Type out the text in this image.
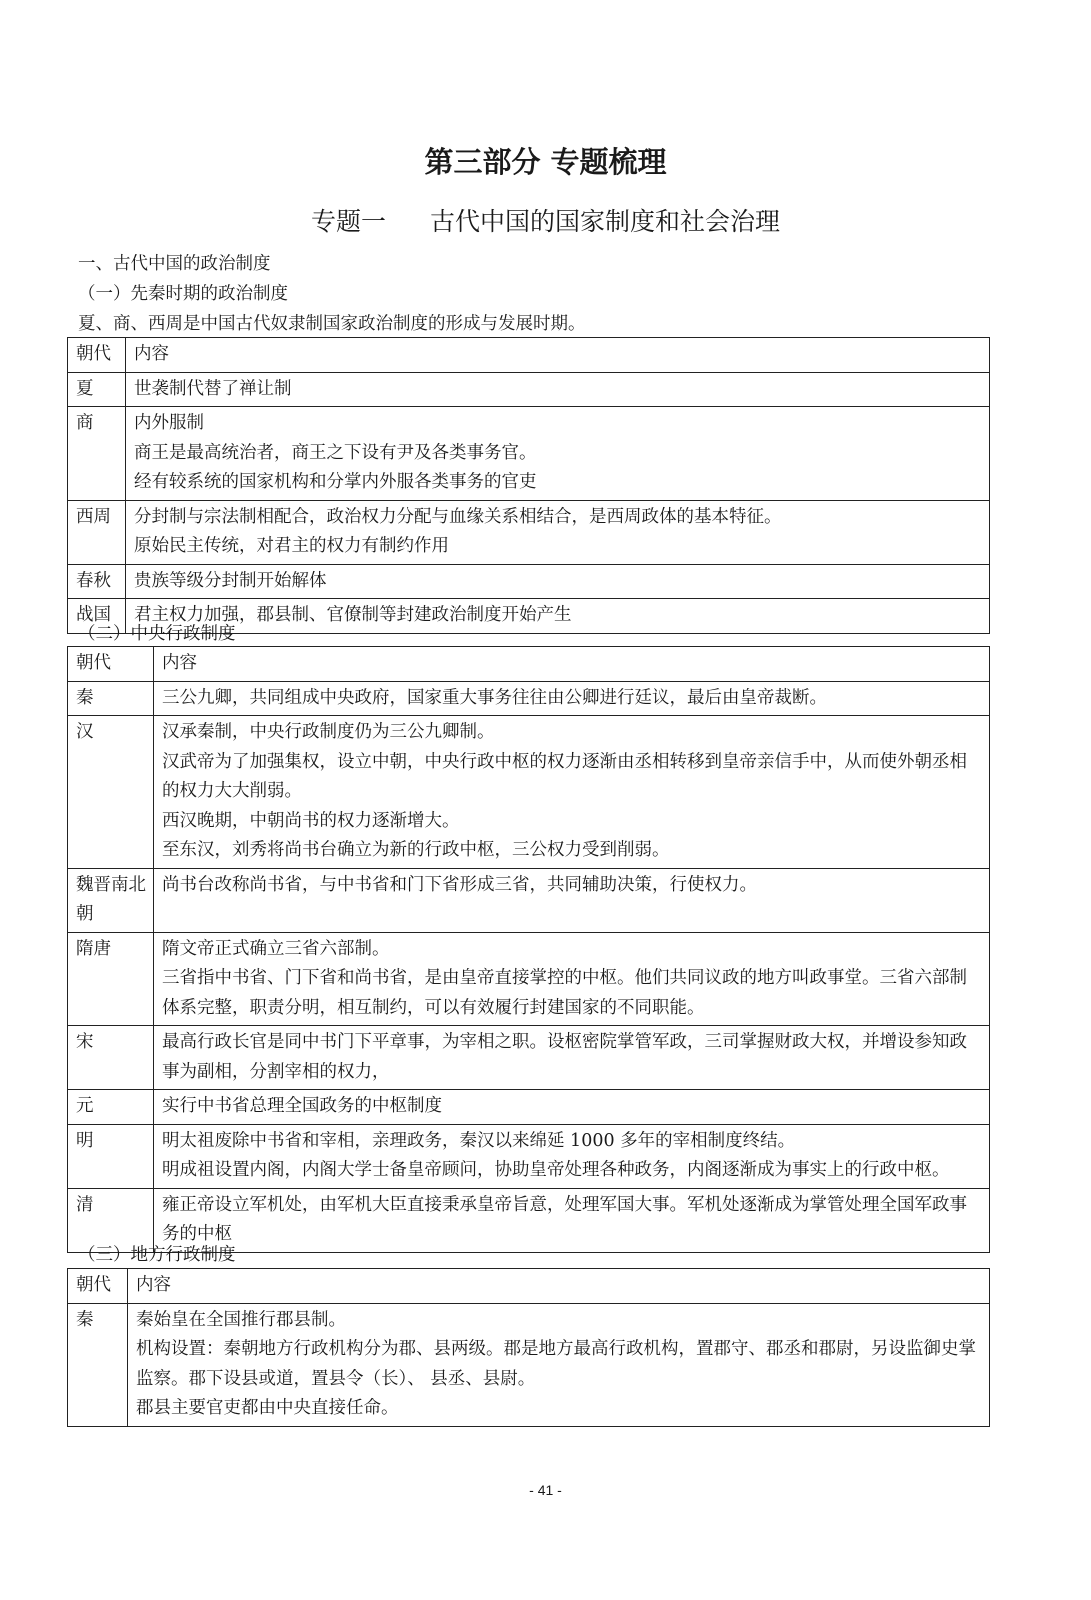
第三部分 专题梳理
专题一 古代中国的国家制度和社会治理
一、古代中国的政治制度
（一）先秦时期的政治制度
夏、商、西周是中国古代奴隶制国家政治制度的形成与发展时期。
朝代	内容
夏	世袭制代替了禅让制

商	内外服制

商王是最高统治者，商王之下设有尹及各类事务官。

经有较系统的国家机构和分掌内外服各类事务的官吏

西周	分封制与宗法制相配合，政治权力分配与血缘关系相结合，是西周政体的基本特征。

原始民主传统，对君主的权力有制约作用

春秋	贵族等级分封制开始解体

战国	君主权力加强，郡县制、官僚制等封建政治制度开始产生

（二）中央行政制度
朝代	内容
秦	三公九卿，共同组成中央政府，国家重大事务往往由公卿进行廷议，最后由皇帝裁断。

汉	汉承秦制，中央行政制度仍为三公九卿制。

汉武帝为了加强集权，设立中朝，中央行政中枢的权力逐渐由丞相转移到皇帝亲信手中，从而使外朝丞相的权力大大削弱。

西汉晚期，中朝尚书的权力逐渐增大。

至东汉，刘秀将尚书台确立为新的行政中枢，三公权力受到削弱。

魏晋南北朝	尚书台改称尚书省，与中书省和门下省形成三省，共同辅助决策，行使权力。

隋唐	隋文帝正式确立三省六部制。

三省指中书省、门下省和尚书省，是由皇帝直接掌控的中枢。他们共同议政的地方叫政事堂。三省六部制体系完整，职责分明，相互制约，可以有效履行封建国家的不同职能。

宋	最高行政长官是同中书门下平章事，为宰相之职。设枢密院掌管军政，三司掌握财政大权，并增设参知政事为副相，分割宰相的权力，

元	实行中书省总理全国政务的中枢制度

明	明太祖废除中书省和宰相，亲理政务，秦汉以来绵延 1000 多年的宰相制度终结。

明成祖设置内阁，内阁大学士备皇帝顾问，协助皇帝处理各种政务，内阁逐渐成为事实上的行政中枢。

清	雍正帝设立军机处，由军机大臣直接秉承皇帝旨意，处理军国大事。军机处逐渐成为掌管处理全国军政事务的中枢

（三）地方行政制度
朝代	内容
秦	秦始皇在全国推行郡县制。

机构设置：秦朝地方行政机构分为郡、县两级。郡是地方最高行政机构，置郡守、郡丞和郡尉，另设监御史掌监察。郡下设县或道，置县令（长）、 县丞、县尉。

郡县主要官吏都由中央直接任命。

- 41 -
